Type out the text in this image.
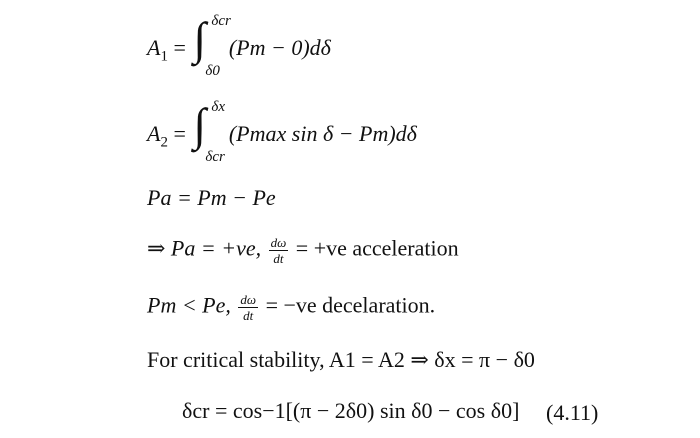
$A_1$ = ∫ δcr
δ0
(Pm − 0)dδ
$A_2$ = ∫ δx
δcr
(Pmax sin δ − Pm)dδ
Pa = Pm − Pe
⇒ Pa = +ve, $\frac{d\omega}{dt} = +ve$ acceleration
Pm < Pe, $\frac{d\omega}{dt} = -ve$ decelaration.
For critical stability, A1 = A2 ⇒ δx = π − δ0
δcr = cos−1[(π − 2δ0) sin δ0 − cos δ0] (4.11)
